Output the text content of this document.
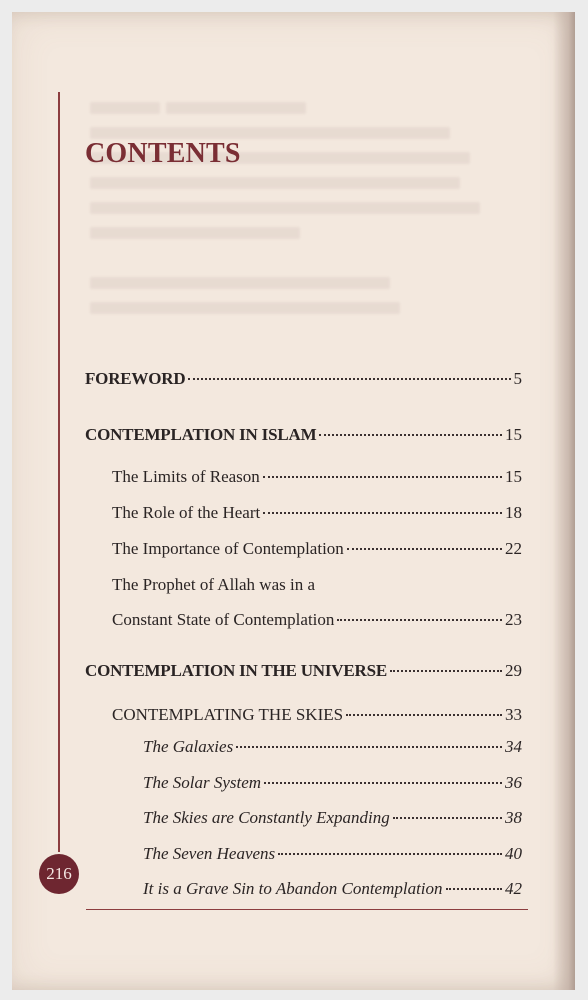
CONTENTS
FOREWORD	5
CONTEMPLATION IN ISLAM	15
The Limits of Reason	15
The Role of the Heart	18
The Importance of Contemplation	22
The Prophet of Allah was in a
Constant State of Contemplation	23
CONTEMPLATION IN THE UNIVERSE	29
CONTEMPLATING THE SKIES	33
The Galaxies	34
The Solar System	36
The Skies are Constantly Expanding	38
The Seven Heavens	40
It is a Grave Sin to Abandon Contemplation	42
216
